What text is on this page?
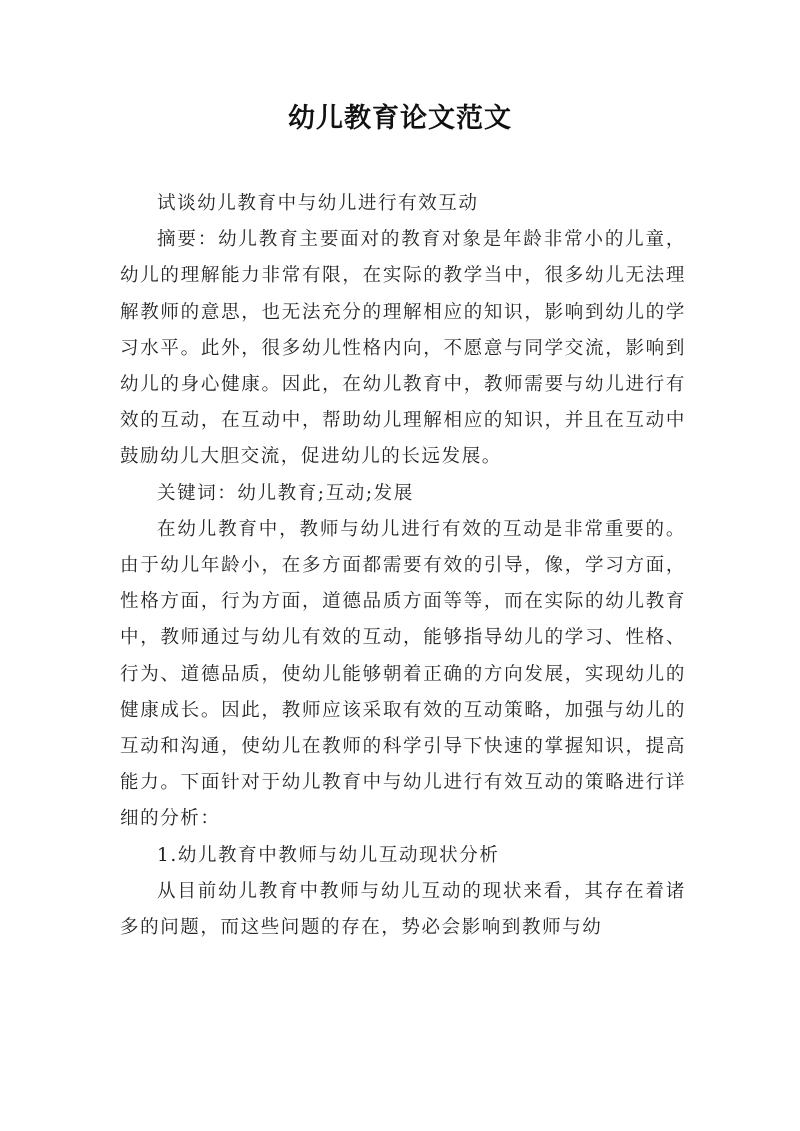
幼儿教育论文范文

试谈幼儿教育中与幼儿进行有效互动

摘要：幼儿教育主要面对的教育对象是年龄非常小的儿童，幼儿的理解能力非常有限，在实际的教学当中，很多幼儿无法理解教师的意思，也无法充分的理解相应的知识，影响到幼儿的学习水平。此外，很多幼儿性格内向，不愿意与同学交流，影响到幼儿的身心健康。因此，在幼儿教育中，教师需要与幼儿进行有效的互动，在互动中，帮助幼儿理解相应的知识，并且在互动中鼓励幼儿大胆交流，促进幼儿的长远发展。

关键词：幼儿教育;互动;发展

在幼儿教育中，教师与幼儿进行有效的互动是非常重要的。由于幼儿年龄小，在多方面都需要有效的引导，像，学习方面，性格方面，行为方面，道德品质方面等等，而在实际的幼儿教育中，教师通过与幼儿有效的互动，能够指导幼儿的学习、性格、行为、道德品质，使幼儿能够朝着正确的方向发展，实现幼儿的健康成长。因此，教师应该采取有效的互动策略，加强与幼儿的互动和沟通，使幼儿在教师的科学引导下快速的掌握知识，提高能力。下面针对于幼儿教育中与幼儿进行有效互动的策略进行详细的分析：

1.幼儿教育中教师与幼儿互动现状分析

从目前幼儿教育中教师与幼儿互动的现状来看，其存在着诸多的问题，而这些问题的存在，势必会影响到教师与幼
